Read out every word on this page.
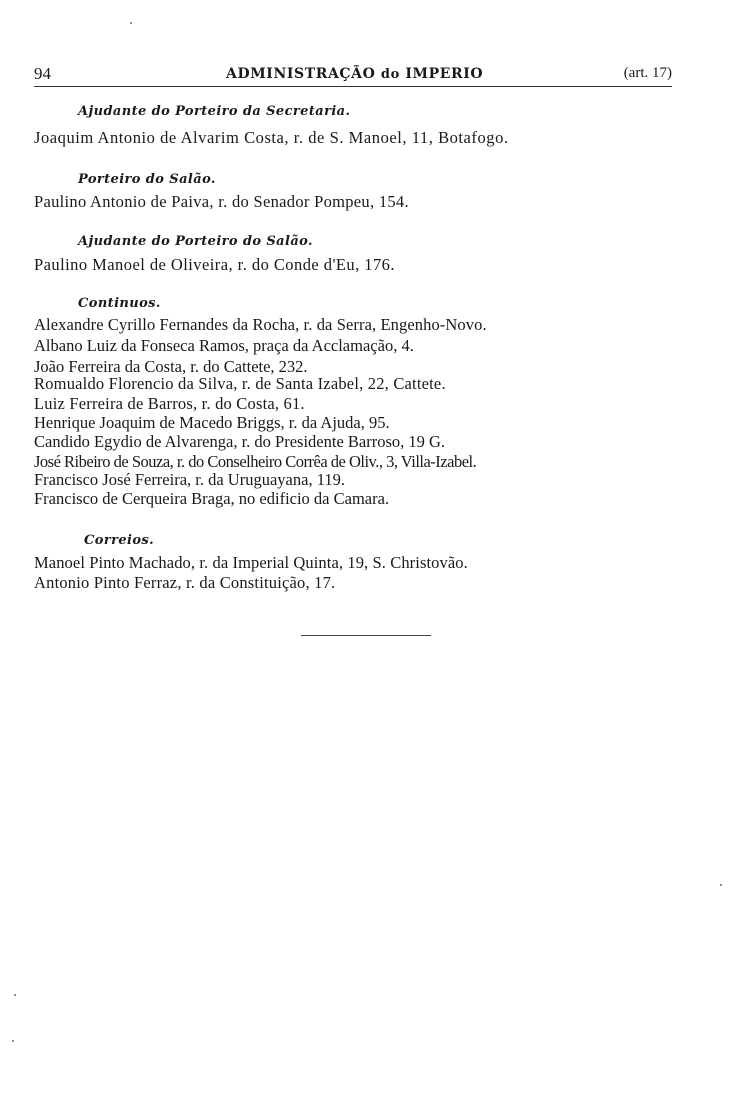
94	ADMINISTRAÇÃO do IMPERIO	(art. 17)
Ajudante do Porteiro da Secretaria.
Joaquim Antonio de Alvarim Costa, r. de S. Manoel, 11, Botafogo.
Porteiro do Salão.
Paulino Antonio de Paiva, r. do Senador Pompeu, 154.
Ajudante do Porteiro do Salão.
Paulino Manoel de Oliveira, r. do Conde d'Eu, 176.
Continuos.
Alexandre Cyrillo Fernandes da Rocha, r. da Serra, Engenho-Novo.
Albano Luiz da Fonseca Ramos, praça da Acclamação, 4.
João Ferreira da Costa, r. do Cattete, 232.
Romualdo Florencio da Silva, r. de Santa Izabel, 22, Cattete.
Luiz Ferreira de Barros, r. do Costa, 61.
Henrique Joaquim de Macedo Briggs, r. da Ajuda, 95.
Candido Egydio de Alvarenga, r. do Presidente Barroso, 19 G.
José Ribeiro de Souza, r. do Conselheiro Corrêa de Oliv., 3, Villa-Izabel.
Francisco José Ferreira, r. da Uruguayana, 119.
Francisco de Cerqueira Braga, no edificio da Camara.
Correios.
Manoel Pinto Machado, r. da Imperial Quinta, 19, S. Christovão.
Antonio Pinto Ferraz, r. da Constituição, 17.
